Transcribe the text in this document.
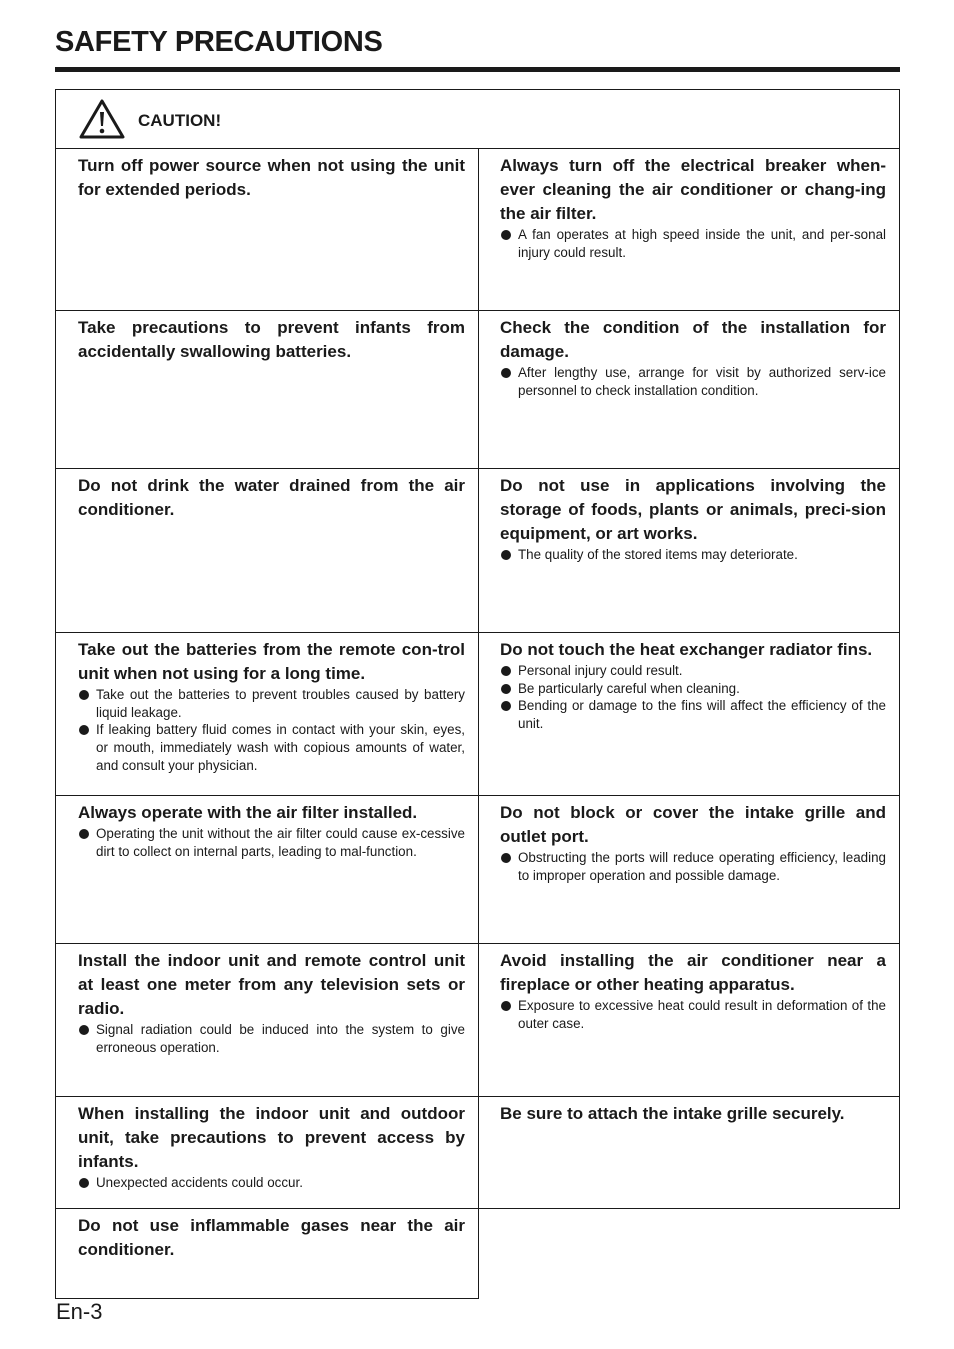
SAFETY PRECAUTIONS
CAUTION!

Turn off power source when not using the unit for extended periods.

Always turn off the electrical breaker when-ever cleaning the air conditioner or chang-ing the air filter.

A fan operates at high speed inside the unit, and per-sonal injury could result.

Take precautions to prevent infants from accidentally swallowing batteries.

Check the condition of the installation for damage.

After lengthy use, arrange for visit by authorized serv-ice personnel to check installation condition.

Do not drink the water drained from the air conditioner.

Do not use in applications involving the storage of foods, plants or animals, preci-sion equipment, or art works.

The quality of the stored items may deteriorate.

Take out the batteries from the remote con-trol unit when not using for a long time.

Take out the batteries to prevent troubles caused by battery liquid leakage.
If leaking battery fluid comes in contact with your skin, eyes, or mouth, immediately wash with copious amounts of water, and consult your physician.

Do not touch the heat exchanger radiator fins.

Personal injury could result.
Be particularly careful when cleaning.
Bending or damage to the fins will affect the efficiency of the unit.

Always operate with the air filter installed.

Operating the unit without the air filter could cause ex-cessive dirt to collect on internal parts, leading to mal-function.

Do not block or cover the intake grille and outlet port.

Obstructing the ports will reduce operating efficiency, leading to improper operation and possible damage.

Install the indoor unit and remote control unit at least one meter from any television sets or radio.

Signal radiation could be induced into the system to give erroneous operation.

Avoid installing the air conditioner near a fireplace or other heating apparatus.

Exposure to excessive heat could result in deformation of the outer case.

When installing the indoor unit and outdoor unit, take precautions to prevent access by infants.

Unexpected accidents could occur.

Be sure to attach the intake grille securely.

Do not use inflammable gases near the air conditioner.

En-3
